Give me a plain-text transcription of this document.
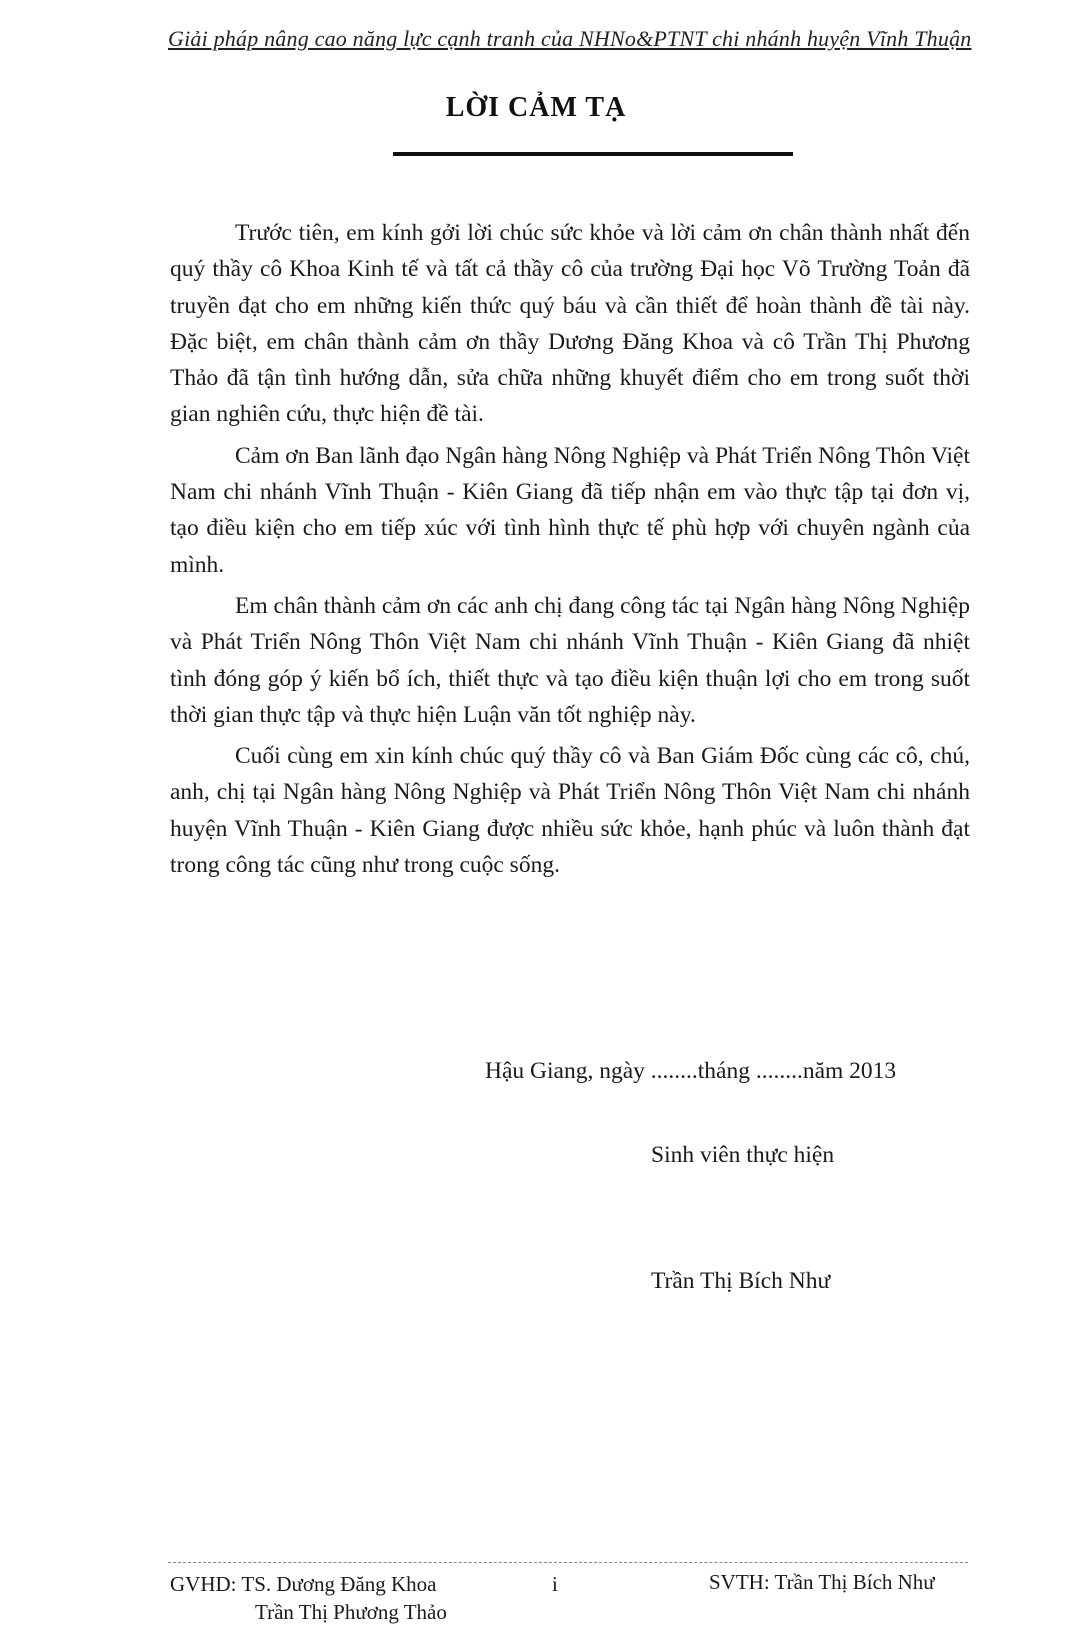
Giải pháp nâng cao năng lực cạnh tranh của NHNo&PTNT chi nhánh huyện Vĩnh Thuận
LỜI CẢM TẠ

Trước tiên, em kính gởi lời chúc sức khỏe và lời cảm ơn chân thành nhất đến quý thầy cô Khoa Kinh tế và tất cả thầy cô của trường Đại học Võ Trường Toản đã truyền đạt cho em những kiến thức quý báu và cần thiết để hoàn thành đề tài này. Đặc biệt, em chân thành cảm ơn thầy Dương Đăng Khoa và cô Trần Thị Phương Thảo đã tận tình hướng dẫn, sửa chữa những khuyết điểm cho em trong suốt thời gian nghiên cứu, thực hiện đề tài.

Cảm ơn Ban lãnh đạo Ngân hàng Nông Nghiệp và Phát Triển Nông Thôn Việt Nam chi nhánh Vĩnh Thuận - Kiên Giang đã tiếp nhận em vào thực tập tại đơn vị, tạo điều kiện cho em tiếp xúc với tình hình thực tế phù hợp với chuyên ngành của mình.

Em chân thành cảm ơn các anh chị đang công tác tại Ngân hàng Nông Nghiệp và Phát Triển Nông Thôn Việt Nam chi nhánh Vĩnh Thuận - Kiên Giang đã nhiệt tình đóng góp ý kiến bổ ích, thiết thực và tạo điều kiện thuận lợi cho em trong suốt thời gian thực tập và thực hiện Luận văn tốt nghiệp này.

Cuối cùng em xin kính chúc quý thầy cô và Ban Giám Đốc cùng các cô, chú, anh, chị tại Ngân hàng Nông Nghiệp và Phát Triển Nông Thôn Việt Nam chi nhánh huyện Vĩnh Thuận - Kiên Giang được nhiều sức khỏe, hạnh phúc và luôn thành đạt trong công tác cũng như trong cuộc sống.

Hậu Giang, ngày ........tháng ........năm 2013
Sinh viên thực hiện
Trần Thị Bích Như
GVHD: TS. Dương Đăng Khoa
Trần Thị Phương Thảo
i	SVTH: Trần Thị Bích Như
